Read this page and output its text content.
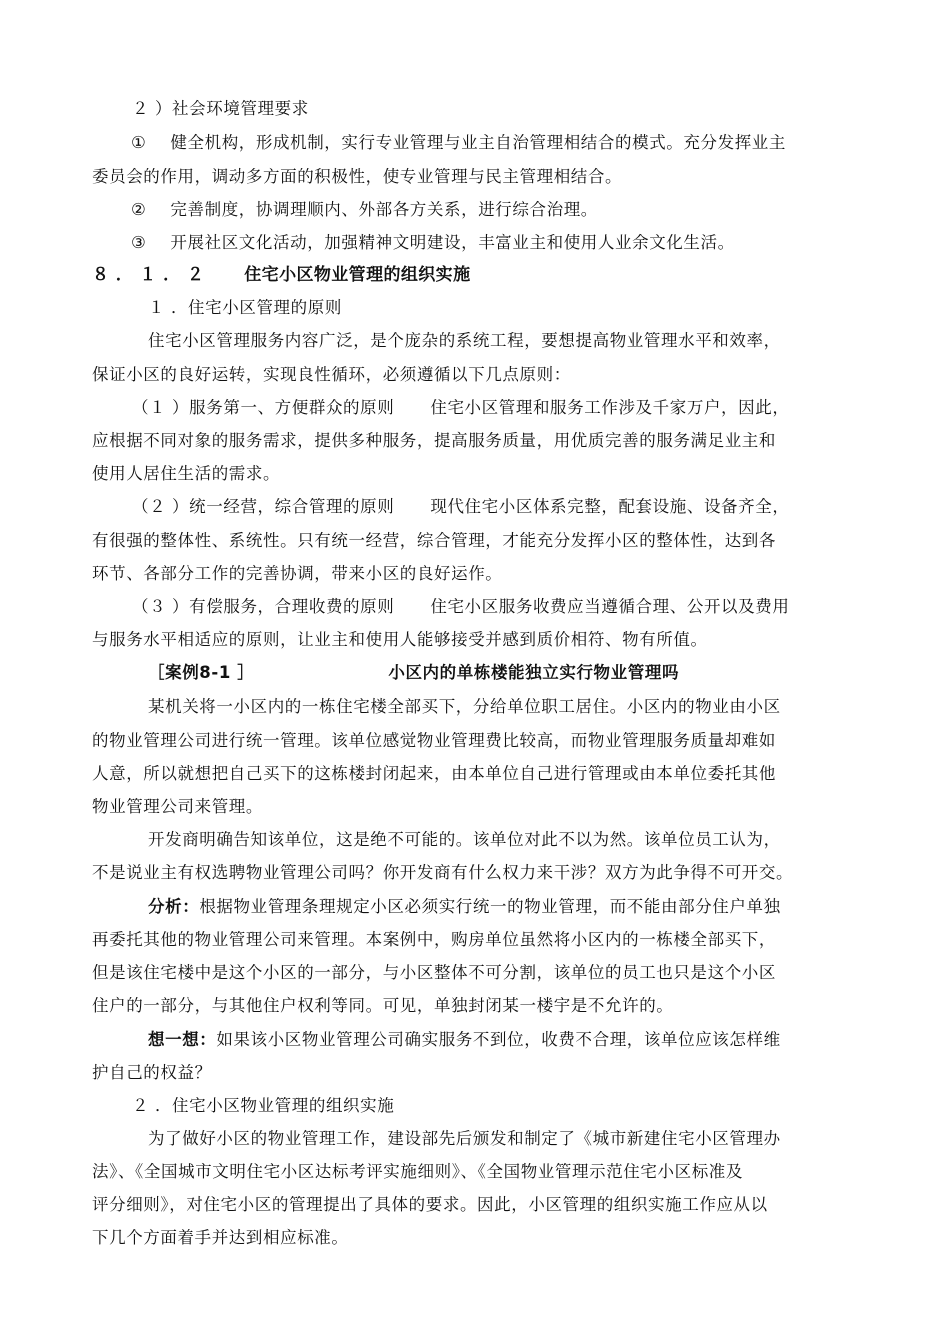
２ ）社会环境管理要求
① 健全机构，形成机制，实行专业管理与业主自治管理相结合的模式。充分发挥业主
委员会的作用，调动多方面的积极性，使专业管理与民主管理相结合。
② 完善制度，协调理顺内、外部各方关系，进行综合治理。
③ 开展社区文化活动，加强精神文明建设，丰富业主和使用人业余文化生活。
８ ． １ ． ２ 住宅小区物业管理的组织实施
１ ．住宅小区管理的原则
住宅小区管理服务内容广泛，是个庞杂的系统工程，要想提高物业管理水平和效率，
保证小区的良好运转，实现良性循环，必须遵循以下几点原则：
（１ ）服务第一、方便群众的原则 住宅小区管理和服务工作涉及千家万户，因此，
应根据不同对象的服务需求，提供多种服务，提高服务质量，用优质完善的服务满足业主和
使用人居住生活的需求。
（２ ）统一经营，综合管理的原则 现代住宅小区体系完整，配套设施、设备齐全，
有很强的整体性、系统性。只有统一经营，综合管理，才能充分发挥小区的整体性，达到各
环节、各部分工作的完善协调，带来小区的良好运作。
（３ ）有偿服务，合理收费的原则 住宅小区服务收费应当遵循合理、公开以及费用
与服务水平相适应的原则，让业主和使用人能够接受并感到质价相符、物有所值。
［案例8-1 ］	小区内的单栋楼能独立实行物业管理吗
某机关将一小区内的一栋住宅楼全部买下，分给单位职工居住。小区内的物业由小区
的物业管理公司进行统一管理。该单位感觉物业管理费比较高，而物业管理服务质量却难如
人意，所以就想把自己买下的这栋楼封闭起来，由本单位自己进行管理或由本单位委托其他
物业管理公司来管理。
开发商明确告知该单位，这是绝不可能的。该单位对此不以为然。该单位员工认为，
不是说业主有权选聘物业管理公司吗？你开发商有什么权力来干涉？双方为此争得不可开交。
分析：根据物业管理条理规定小区必须实行统一的物业管理，而不能由部分住户单独
再委托其他的物业管理公司来管理。本案例中，购房单位虽然将小区内的一栋楼全部买下，
但是该住宅楼中是这个小区的一部分，与小区整体不可分割，该单位的员工也只是这个小区
住户的一部分，与其他住户权利等同。可见，单独封闭某一楼宇是不允许的。
想一想：如果该小区物业管理公司确实服务不到位，收费不合理，该单位应该怎样维
护自己的权益？
２ ．住宅小区物业管理的组织实施
为了做好小区的物业管理工作，建设部先后颁发和制定了《城市新建住宅小区管理办
法》、《全国城市文明住宅小区达标考评实施细则》、《全国物业管理示范住宅小区标准及
评分细则》，对住宅小区的管理提出了具体的要求。因此，小区管理的组织实施工作应从以
下几个方面着手并达到相应标准。
